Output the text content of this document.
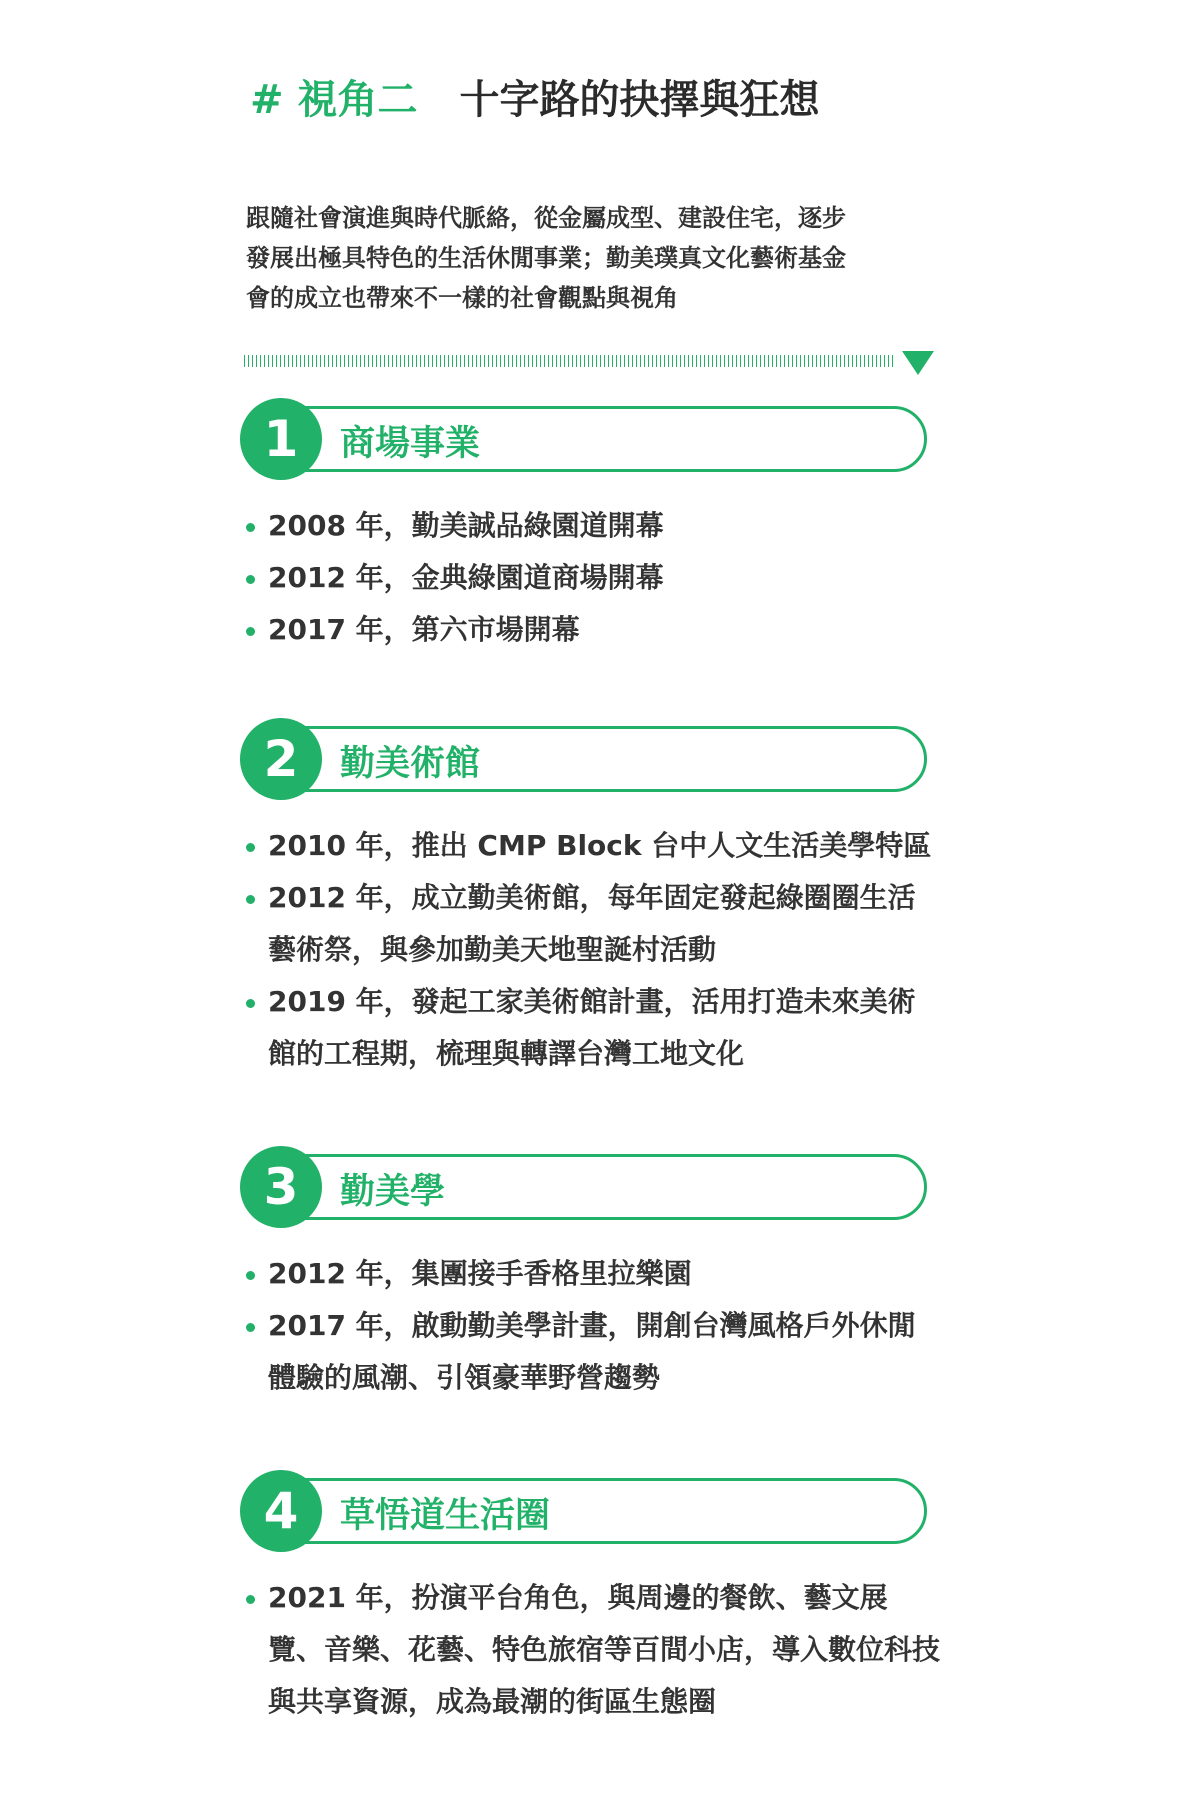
# 視角二 十字路的抉擇與狂想
跟隨社會演進與時代脈絡，從金屬成型、建設住宅，逐步
發展出極具特色的生活休閒事業；勤美璞真文化藝術基金
會的成立也帶來不一樣的社會觀點與視角
1	商場事業
2008 年，勤美誠品綠園道開幕
2012 年，金典綠園道商場開幕
2017 年，第六市場開幕
2	勤美術館
2010 年，推出 CMP Block 台中人文生活美學特區
2012 年，成立勤美術館，每年固定發起綠圈圈生活藝術祭，與參加勤美天地聖誕村活動
2019 年，發起工家美術館計畫，活用打造未來美術館的工程期，梳理與轉譯台灣工地文化
3	勤美學
2012 年，集團接手香格里拉樂園
2017 年，啟動勤美學計畫，開創台灣風格戶外休閒體驗的風潮、引領豪華野營趨勢
4	草悟道生活圈
2021 年，扮演平台角色，與周邊的餐飲、藝文展覽、音樂、花藝、特色旅宿等百間小店，導入數位科技與共享資源，成為最潮的街區生態圈
